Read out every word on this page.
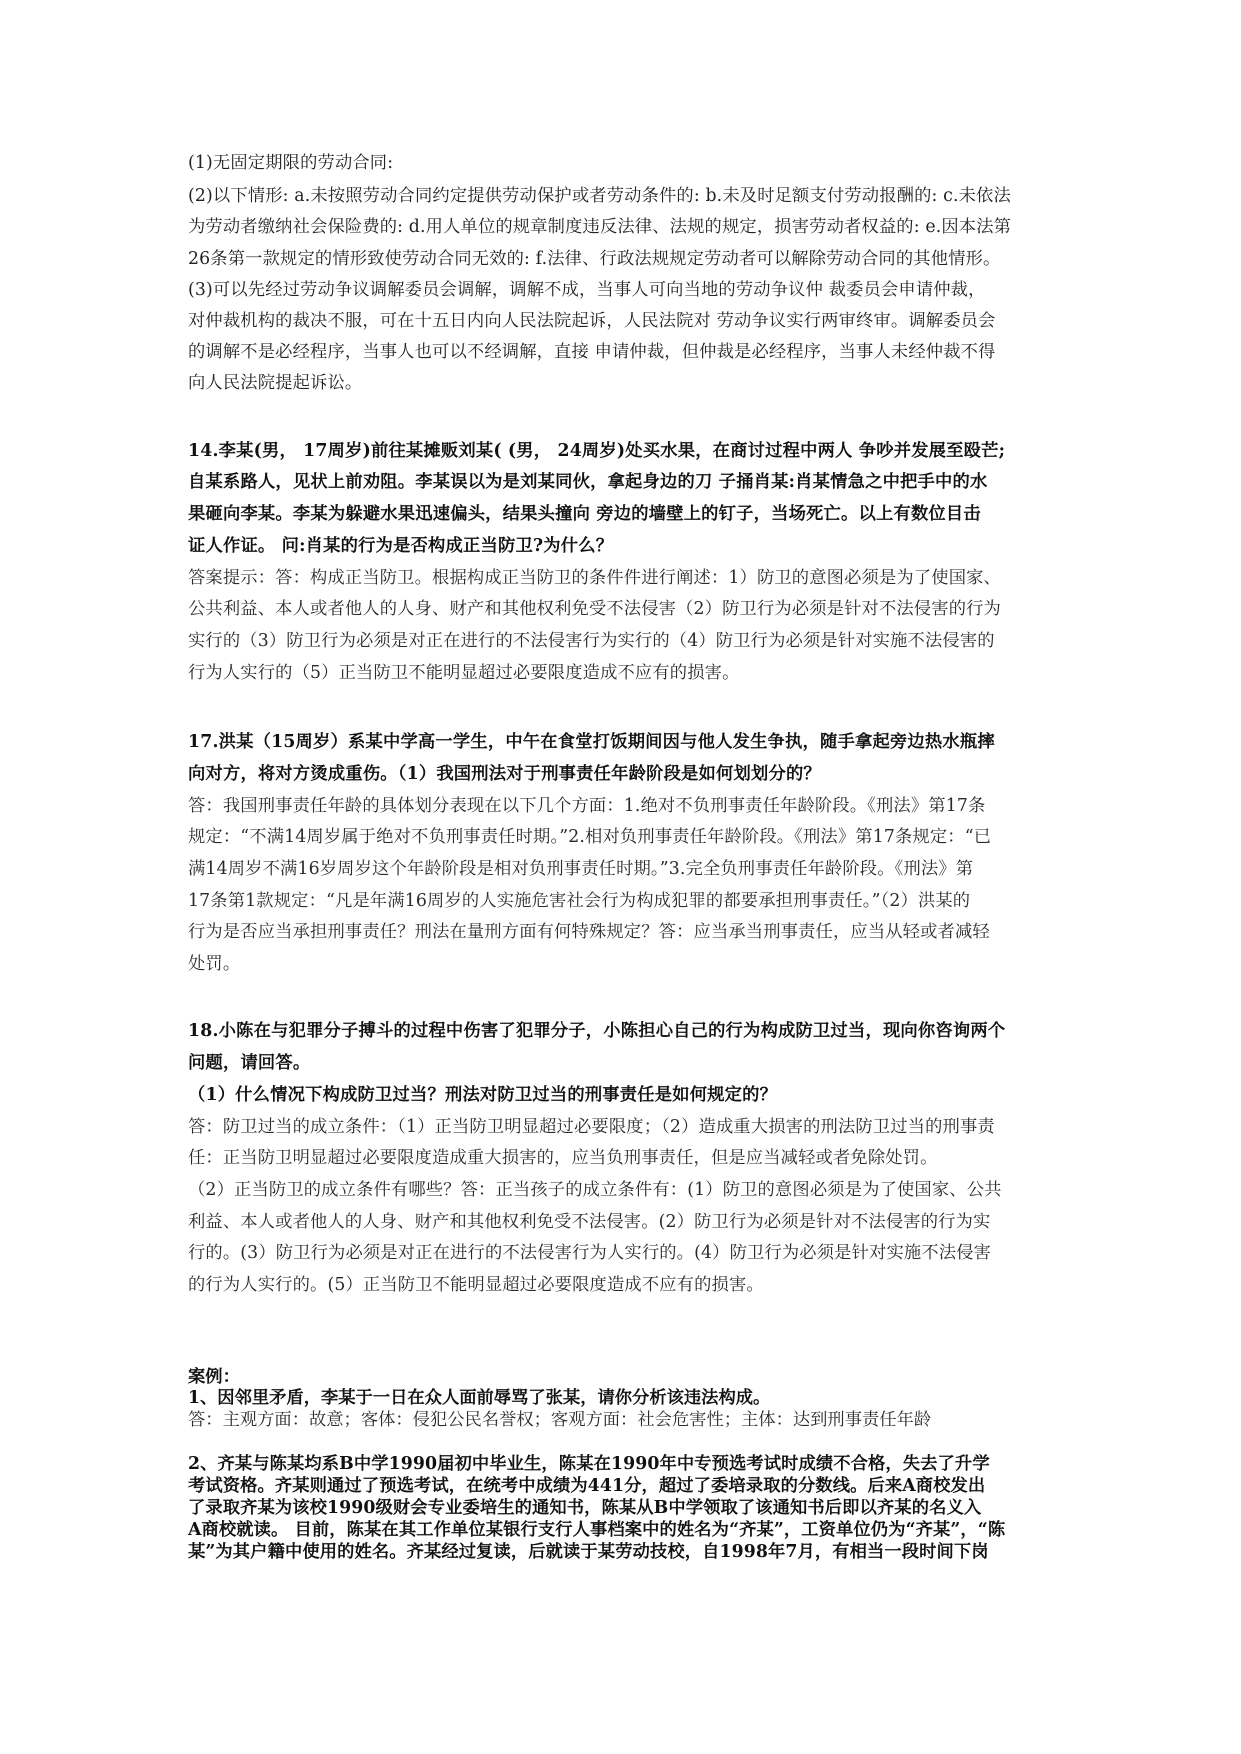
(1)无固定期限的劳动合同:

(2)以下情形: a.未按照劳动合同约定提供劳动保护或者劳动条件的: b.未及时足额支付劳动报酬的: c.未依法

为劳动者缴纳社会保险费的: d.用人单位的规章制度违反法律、法规的规定，损害劳动者权益的: e.因本法第

26条第一款规定的情形致使劳动合同无效的: f.法律、行政法规规定劳动者可以解除劳动合同的其他情形。

(3)可以先经过劳动争议调解委员会调解，调解不成，当事人可向当地的劳动争议仲 裁委员会申请仲裁，

对仲裁机构的裁决不服，可在十五日内向人民法院起诉，人民法院对 劳动争议实行两审终审。调解委员会

的调解不是必经程序，当事人也可以不经调解，直接 申请仲裁，但仲裁是必经程序，当事人未经仲裁不得

向人民法院提起诉讼。

14.李某(男， 17周岁)前往某摊贩刘某( (男， 24周岁)处买水果，在商讨过程中两人 争吵并发展至殴芒;

自某系路人，见状上前劝阻。李某误以为是刘某同伙，拿起身边的刀 子捅肖某:肖某情急之中把手中的水

果砸向李某。李某为躲避水果迅速偏头，结果头撞向 旁边的墙壁上的钉子，当场死亡。以上有数位目击

证人作证。 问:肖某的行为是否构成正当防卫?为什么？

答案提示：答：构成正当防卫。根据构成正当防卫的条件件进行阐述：1）防卫的意图必须是为了使国家、

公共利益、本人或者他人的人身、财产和其他权利免受不法侵害（2）防卫行为必须是针对不法侵害的行为

实行的（3）防卫行为必须是对正在进行的不法侵害行为实行的（4）防卫行为必须是针对实施不法侵害的

行为人实行的（5）正当防卫不能明显超过必要限度造成不应有的损害。

17.洪某（15周岁）系某中学高一学生，中午在食堂打饭期间因与他人发生争执，随手拿起旁边热水瓶摔

向对方，将对方烫成重伤。（1）我国刑法对于刑事责任年龄阶段是如何划划分的？

答：我国刑事责任年龄的具体划分表现在以下几个方面：1.绝对不负刑事责任年龄阶段。《刑法》第17条

规定：“不满14周岁属于绝对不负刑事责任时期。”2.相对负刑事责任年龄阶段。《刑法》第17条规定：“已

满14周岁不满16岁周岁这个年龄阶段是相对负刑事责任时期。”3.完全负刑事责任年龄阶段。《刑法》第

17条第1款规定：“凡是年满16周岁的人实施危害社会行为构成犯罪的都要承担刑事责任。”（2）洪某的

行为是否应当承担刑事责任？刑法在量刑方面有何特殊规定？答：应当承当刑事责任，应当从轻或者减轻

处罚。

18.小陈在与犯罪分子搏斗的过程中伤害了犯罪分子，小陈担心自己的行为构成防卫过当，现向你咨询两个

问题，请回答。

（1）什么情况下构成防卫过当？刑法对防卫过当的刑事责任是如何规定的？

答：防卫过当的成立条件：（1）正当防卫明显超过必要限度；（2）造成重大损害的刑法防卫过当的刑事责

任：正当防卫明显超过必要限度造成重大损害的，应当负刑事责任，但是应当减轻或者免除处罚。

（2）正当防卫的成立条件有哪些？答：正当孩子的成立条件有：(1）防卫的意图必须是为了使国家、公共

利益、本人或者他人的人身、财产和其他权利免受不法侵害。(2）防卫行为必须是针对不法侵害的行为实

行的。(3）防卫行为必须是对正在进行的不法侵害行为人实行的。(4）防卫行为必须是针对实施不法侵害

的行为人实行的。(5）正当防卫不能明显超过必要限度造成不应有的损害。

案例：

1、因邻里矛盾，李某于一日在众人面前辱骂了张某，请你分析该违法构成。

答：主观方面：故意；客体：侵犯公民名誉权；客观方面：社会危害性；主体：达到刑事责任年龄

2、齐某与陈某均系B中学1990届初中毕业生，陈某在1990年中专预选考试时成绩不合格，失去了升学

考试资格。齐某则通过了预选考试，在统考中成绩为441分，超过了委培录取的分数线。后来A商校发出

了录取齐某为该校1990级财会专业委培生的通知书，陈某从B中学领取了该通知书后即以齐某的名义入

A商校就读。 目前，陈某在其工作单位某银行支行人事档案中的姓名为“齐某”，工资单位仍为“齐某”，“陈

某”为其户籍中使用的姓名。齐某经过复读，后就读于某劳动技校，自1998年7月，有相当一段时间下岗
